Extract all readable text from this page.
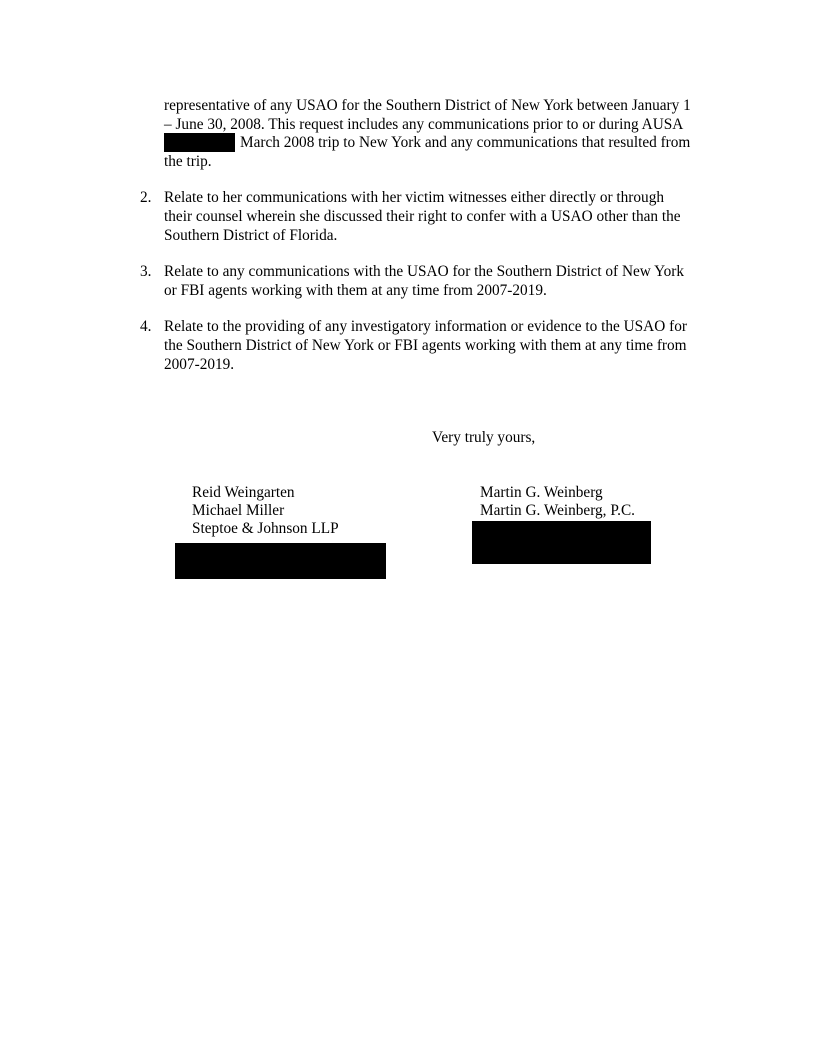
representative of any USAO for the Southern District of New York between January 1
– June 30, 2008. This request includes any communications prior to or during AUSA
March 2008 trip to New York and any communications that resulted from
the trip.
2. Relate to her communications with her victim witnesses either directly or through
their counsel wherein she discussed their right to confer with a USAO other than the
Southern District of Florida.
3. Relate to any communications with the USAO for the Southern District of New York
or FBI agents working with them at any time from 2007-2019.
4. Relate to the providing of any investigatory information or evidence to the USAO for
the Southern District of New York or FBI agents working with them at any time from
2007-2019.
Very truly yours,
Reid Weingarten
Michael Miller
Steptoe & Johnson LLP
Martin G. Weinberg
Martin G. Weinberg, P.C.
